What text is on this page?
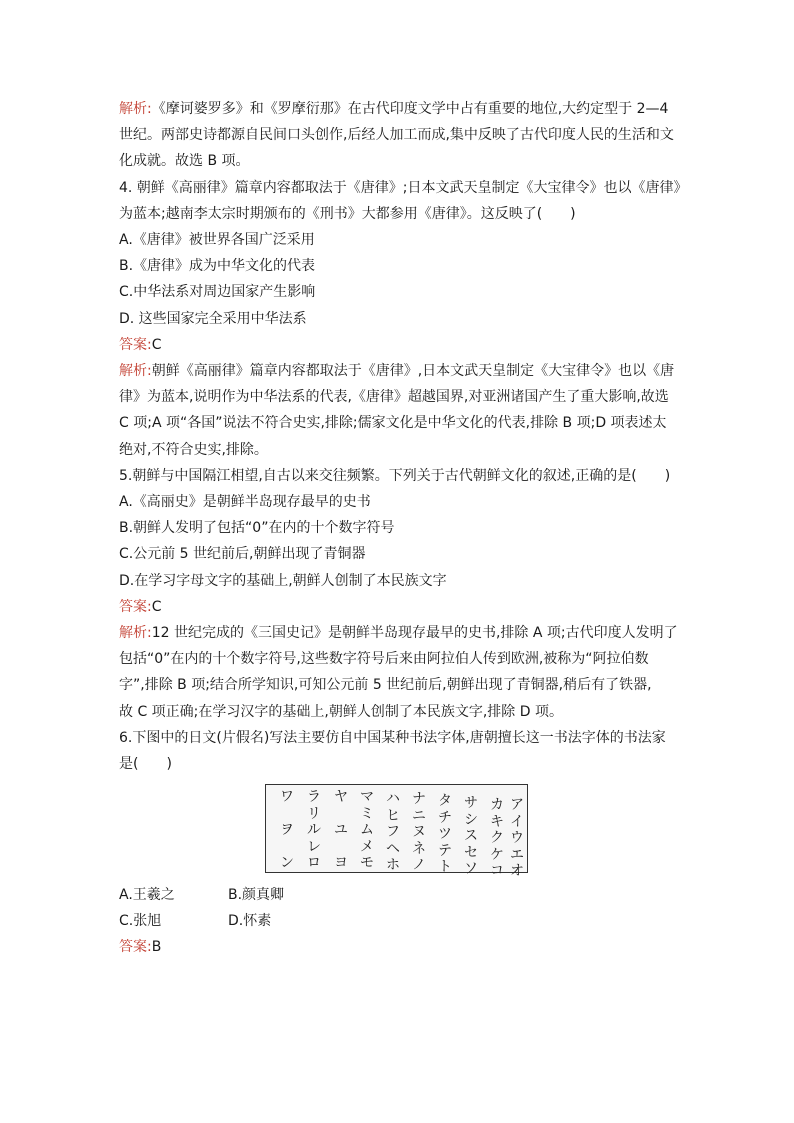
解析:《摩诃婆罗多》和《罗摩衍那》在古代印度文学中占有重要的地位,大约定型于 2—4
世纪。两部史诗都源自民间口头创作,后经人加工而成,集中反映了古代印度人民的生活和文
化成就。故选 B 项。
4. 朝鲜《高丽律》篇章内容都取法于《唐律》;日本文武天皇制定《大宝律令》也以《唐律》
为蓝本;越南李太宗时期颁布的《刑书》大都参用《唐律》。这反映了(　　)
A.《唐律》被世界各国广泛采用
B.《唐律》成为中华文化的代表
C.中华法系对周边国家产生影响
D. 这些国家完全采用中华法系
答案:C
解析:朝鲜《高丽律》篇章内容都取法于《唐律》,日本文武天皇制定《大宝律令》也以《唐
律》为蓝本,说明作为中华法系的代表,《唐律》超越国界,对亚洲诸国产生了重大影响,故选
C 项;A 项“各国”说法不符合史实,排除;儒家文化是中华文化的代表,排除 B 项;D 项表述太
绝对,不符合史实,排除。
5.朝鲜与中国隔江相望,自古以来交往频繁。下列关于古代朝鲜文化的叙述,正确的是(　　)
A.《高丽史》是朝鲜半岛现存最早的史书
B.朝鲜人发明了包括“0”在内的十个数字符号
C.公元前 5 世纪前后,朝鲜出现了青铜器
D.在学习字母文字的基础上,朝鲜人创制了本民族文字
答案:C
解析:12 世纪完成的《三国史记》是朝鲜半岛现存最早的史书,排除 A 项;古代印度人发明了
包括“0”在内的十个数字符号,这些数字符号后来由阿拉伯人传到欧洲,被称为“阿拉伯数
字”,排除 B 项;结合所学知识,可知公元前 5 世纪前后,朝鲜出现了青铜器,稍后有了铁器,
故 C 项正确;在学习汉字的基础上,朝鲜人创制了本民族文字,排除 D 项。
6.下图中的日文(片假名)写法主要仿自中国某种书法字体,唐朝擅长这一书法字体的书法家
是(　　)
ワ
ヲ
ン
ラ
リ
ル
レ
ロ
ヤ
ユ
ヨ
マ
ミ
ム
メ
モ
ハ
ヒ
フ
ヘ
ホ
ナ
ニ
ヌ
ネ
ノ
タ
チ
ツ
テ
ト
サ
シ
ス
セ
ソ
カ
キ
ク
ケ
コ
ア
イ
ウ
エ
オ
A.王羲之	B.颜真卿
C.张旭	D.怀素
答案:B
